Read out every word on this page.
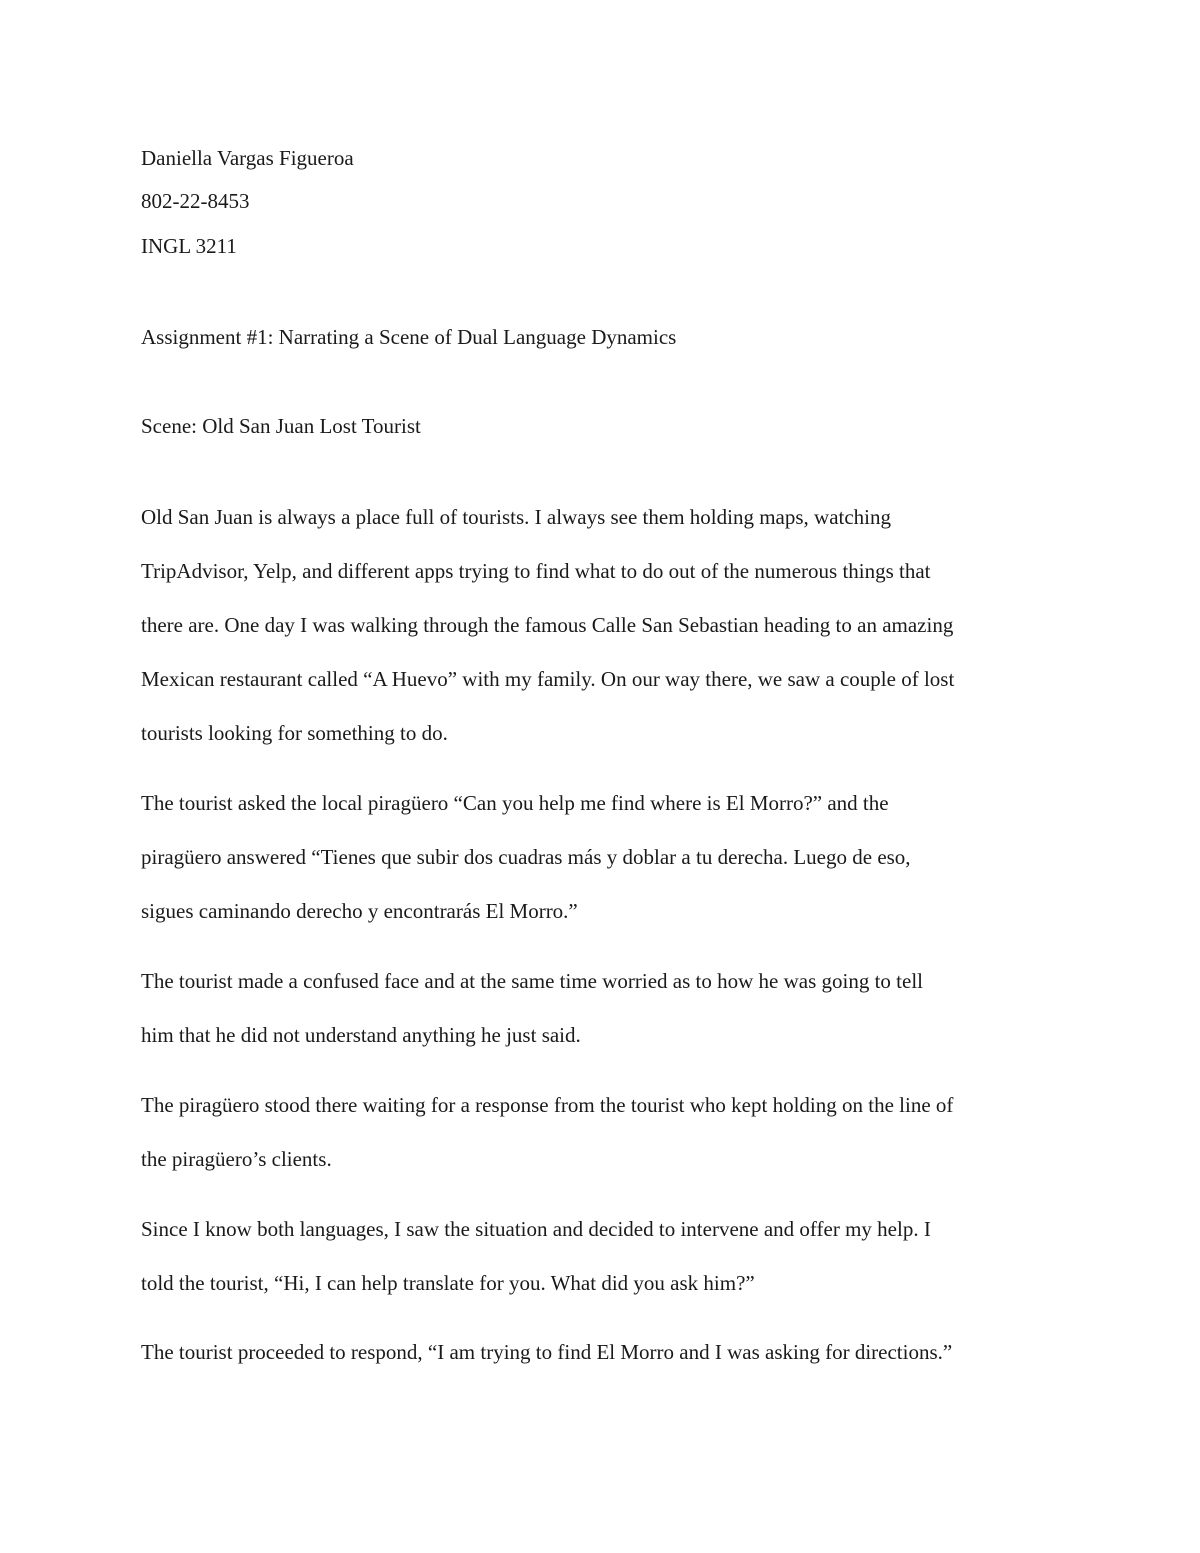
Daniella Vargas Figueroa

802-22-8453

INGL 3211

Assignment #1: Narrating a Scene of Dual Language Dynamics

Scene: Old San Juan Lost Tourist

Old San Juan is always a place full of tourists. I always see them holding maps, watching

TripAdvisor, Yelp, and different apps trying to find what to do out of the numerous things that

there are. One day I was walking through the famous Calle San Sebastian heading to an amazing

Mexican restaurant called “A Huevo” with my family. On our way there, we saw a couple of lost

tourists looking for something to do.

The tourist asked the local piragüero “Can you help me find where is El Morro?” and the

piragüero answered “Tienes que subir dos cuadras más y doblar a tu derecha. Luego de eso,

sigues caminando derecho y encontrarás El Morro.”

The tourist made a confused face and at the same time worried as to how he was going to tell

him that he did not understand anything he just said.

The piragüero stood there waiting for a response from the tourist who kept holding on the line of

the piragüero’s clients.

Since I know both languages, I saw the situation and decided to intervene and offer my help. I

told the tourist, “Hi, I can help translate for you. What did you ask him?”

The tourist proceeded to respond, “I am trying to find El Morro and I was asking for directions.”
